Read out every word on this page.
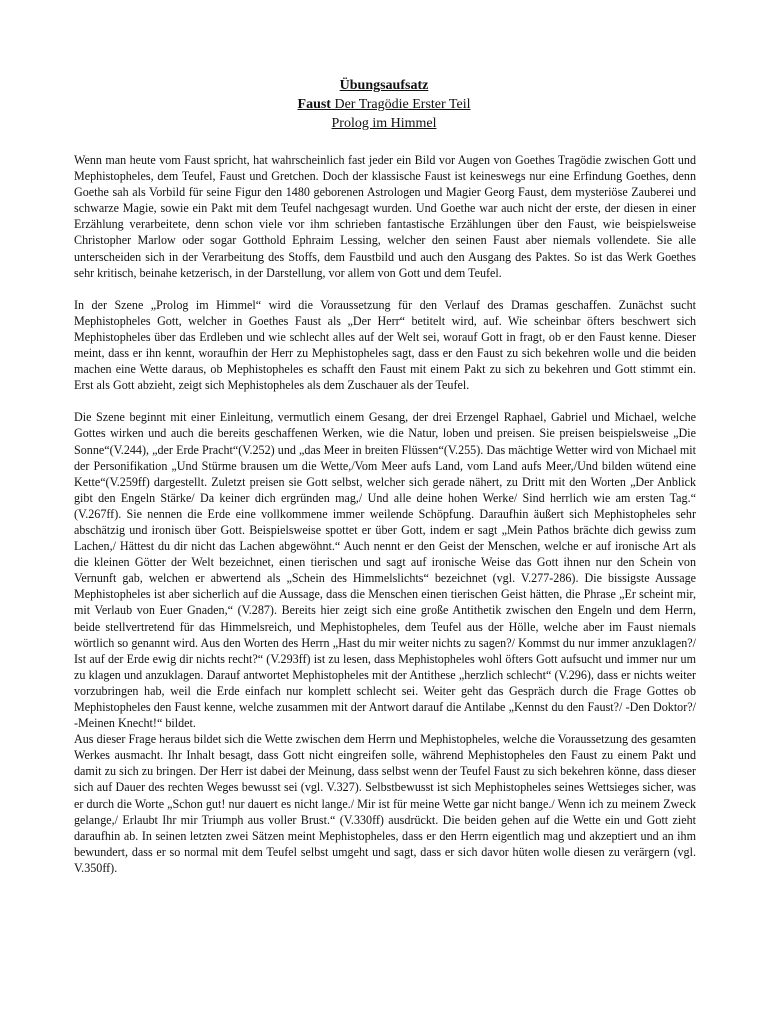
Übungsaufsatz
Faust Der Tragödie Erster Teil
Prolog im Himmel

Wenn man heute vom Faust spricht, hat wahrscheinlich fast jeder ein Bild vor Augen von Goethes Tragödie zwischen Gott und Mephistopheles, dem Teufel, Faust und Gretchen. Doch der klassische Faust ist keineswegs nur eine Erfindung Goethes, denn Goethe sah als Vorbild für seine Figur den 1480 geborenen Astrologen und Magier Georg Faust, dem mysteriöse Zauberei und schwarze Magie, sowie ein Pakt mit dem Teufel nachgesagt wurden. Und Goethe war auch nicht der erste, der diesen in einer Erzählung verarbeitete, denn schon viele vor ihm schrieben fantastische Erzählungen über den Faust, wie beispielsweise Christopher Marlow oder sogar Gotthold Ephraim Lessing, welcher den seinen Faust aber niemals vollendete. Sie alle unterscheiden sich in der Verarbeitung des Stoffs, dem Faustbild und auch den Ausgang des Paktes. So ist das Werk Goethes sehr kritisch, beinahe ketzerisch, in der Darstellung, vor allem von Gott und dem Teufel.

In der Szene „Prolog im Himmel“ wird die Voraussetzung für den Verlauf des Dramas geschaffen. Zunächst sucht Mephistopheles Gott, welcher in Goethes Faust als „Der Herr“ betitelt wird, auf. Wie scheinbar öfters beschwert sich Mephistopheles über das Erdleben und wie schlecht alles auf der Welt sei, worauf Gott in fragt, ob er den Faust kenne. Dieser meint, dass er ihn kennt, woraufhin der Herr zu Mephistopheles sagt, dass er den Faust zu sich bekehren wolle und die beiden machen eine Wette daraus, ob Mephistopheles es schafft den Faust mit einem Pakt zu sich zu bekehren und Gott stimmt ein. Erst als Gott abzieht, zeigt sich Mephistopheles als dem Zuschauer als der Teufel.

Die Szene beginnt mit einer Einleitung, vermutlich einem Gesang, der drei Erzengel Raphael, Gabriel und Michael, welche Gottes wirken und auch die bereits geschaffenen Werken, wie die Natur, loben und preisen. Sie preisen beispielsweise „Die Sonne“(V.244), „der Erde Pracht“(V.252) und „das Meer in breiten Flüssen“(V.255). Das mächtige Wetter wird von Michael mit der Personifikation „Und Stürme brausen um die Wette,/Vom Meer aufs Land, vom Land aufs Meer,/Und bilden wütend eine Kette“(V.259ff) dargestellt. Zuletzt preisen sie Gott selbst, welcher sich gerade nähert, zu Dritt mit den Worten „Der Anblick gibt den Engeln Stärke/ Da keiner dich ergründen mag,/ Und alle deine hohen Werke/ Sind herrlich wie am ersten Tag.“ (V.267ff). Sie nennen die Erde eine vollkommene immer weilende Schöpfung. Daraufhin äußert sich Mephistopheles sehr abschätzig und ironisch über Gott. Beispielsweise spottet er über Gott, indem er sagt „Mein Pathos brächte dich gewiss zum Lachen,/ Hättest du dir nicht das Lachen abgewöhnt.“ Auch nennt er den Geist der Menschen, welche er auf ironische Art als die kleinen Götter der Welt bezeichnet, einen tierischen und sagt auf ironische Weise das Gott ihnen nur den Schein von Vernunft gab, welchen er abwertend als „Schein des Himmelslichts“ bezeichnet (vgl. V.277-286). Die bissigste Aussage Mephistopheles ist aber sicherlich auf die Aussage, dass die Menschen einen tierischen Geist hätten, die Phrase „Er scheint mir, mit Verlaub von Euer Gnaden,“ (V.287). Bereits hier zeigt sich eine große Antithetik zwischen den Engeln und dem Herrn, beide stellvertretend für das Himmelsreich, und Mephistopheles, dem Teufel aus der Hölle, welche aber im Faust niemals wörtlich so genannt wird. Aus den Worten des Herrn „Hast du mir weiter nichts zu sagen?/ Kommst du nur immer anzuklagen?/ Ist auf der Erde ewig dir nichts recht?“ (V.293ff) ist zu lesen, dass Mephistopheles wohl öfters Gott aufsucht und immer nur um zu klagen und anzuklagen. Darauf antwortet Mephistopheles mit der Antithese „herzlich schlecht“ (V.296), dass er nichts weiter vorzubringen hab, weil die Erde einfach nur komplett schlecht sei. Weiter geht das Gespräch durch die Frage Gottes ob Mephistopheles den Faust kenne, welche zusammen mit der Antwort darauf die Antilabe „Kennst du den Faust?/ -Den Doktor?/ -Meinen Knecht!“ bildet.

Aus dieser Frage heraus bildet sich die Wette zwischen dem Herrn und Mephistopheles, welche die Voraussetzung des gesamten Werkes ausmacht. Ihr Inhalt besagt, dass Gott nicht eingreifen solle, während Mephistopheles den Faust zu einem Pakt und damit zu sich zu bringen. Der Herr ist dabei der Meinung, dass selbst wenn der Teufel Faust zu sich bekehren könne, dass dieser sich auf Dauer des rechten Weges bewusst sei (vgl. V.327). Selbstbewusst ist sich Mephistopheles seines Wettsieges sicher, was er durch die Worte „Schon gut! nur dauert es nicht lange./ Mir ist für meine Wette gar nicht bange./ Wenn ich zu meinem Zweck gelange,/ Erlaubt Ihr mir Triumph aus voller Brust.“ (V.330ff) ausdrückt. Die beiden gehen auf die Wette ein und Gott zieht daraufhin ab. In seinen letzten zwei Sätzen meint Mephistopheles, dass er den Herrn eigentlich mag und akzeptiert und an ihm bewundert, dass er so normal mit dem Teufel selbst umgeht und sagt, dass er sich davor hüten wolle diesen zu verärgern (vgl. V.350ff).
